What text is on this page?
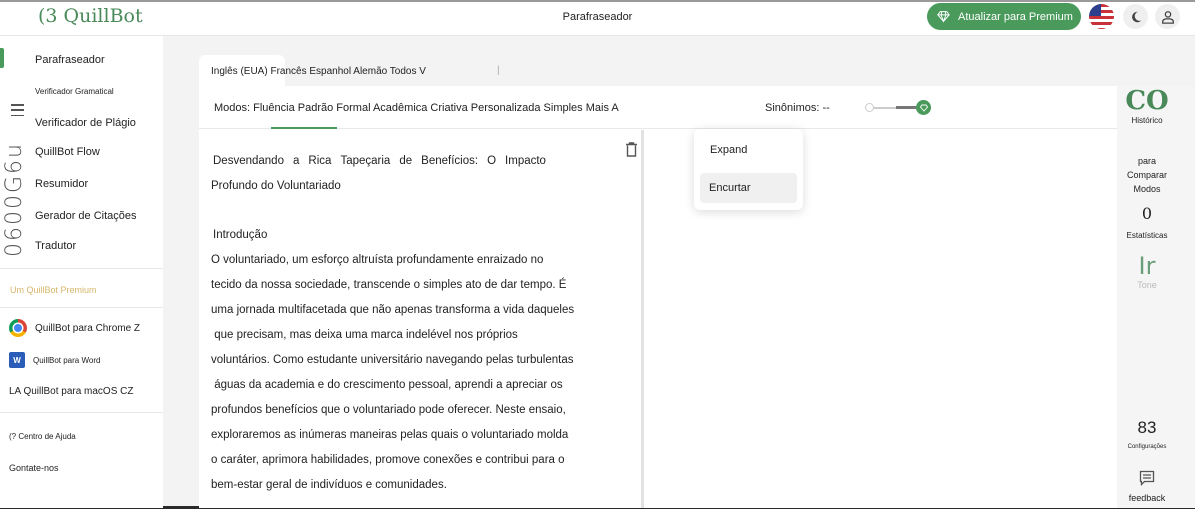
(3 QuillBot	Parafraseador	Atualizar para Premium
0600G6u
Parafraseador
Verificador Gramatical
Verificador de Plágio
QuillBot Flow
Resumidor
Gerador de Citações
Tradutor
Um QuillBot Premium
QuillBot para Chrome Z
W	QuillBot para Word
LA QuillBot para macOS CZ
(? Centro de Ajuda
Gontate-nos
Inglês (EUA) Francês Espanhol Alemão Todos V	|
Modos: Fluência Padrão Formal Acadêmica Criativa Personalizada Simples Mais A	Sinônimos: --

Desvendando a Rica Tapeçaria de Benefícios: O Impacto

Profundo do Voluntariado

Introdução

O voluntariado, um esforço altruísta profundamente enraizado no

tecido da nossa sociedade, transcende o simples ato de dar tempo. É

uma jornada multifacetada que não apenas transforma a vida daqueles

que precisam, mas deixa uma marca indelével nos próprios

voluntários. Como estudante universitário navegando pelas turbulentas

águas da academia e do crescimento pessoal, aprendi a apreciar os

profundos benefícios que o voluntariado pode oferecer. Neste ensaio,

exploraremos as inúmeras maneiras pelas quais o voluntariado molda

o caráter, aprimora habilidades, promove conexões e contribui para o

bem-estar geral de indivíduos e comunidades.

Expand
Encurtar
CO
Histórico
para
Comparar
Modos
0
Estatísticas
Ir
Tone
83
Configurações
feedback
